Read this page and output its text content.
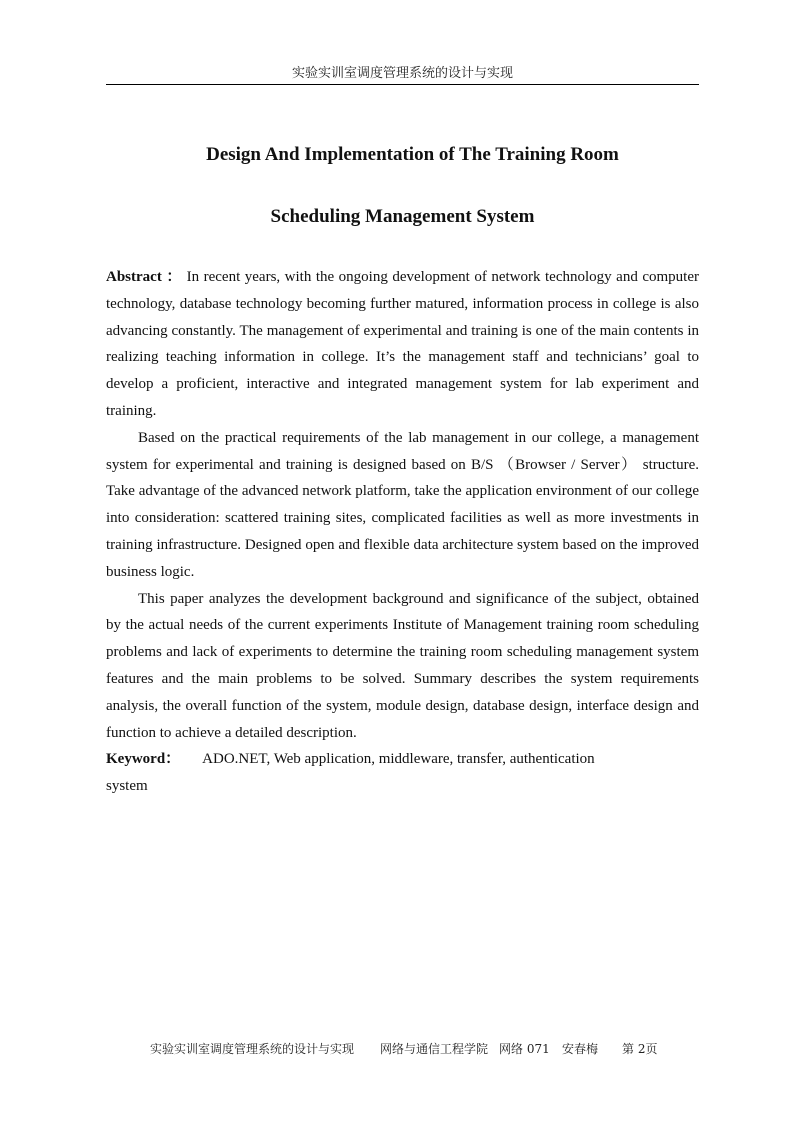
实验实训室调度管理系统的设计与实现
Design And Implementation of The Training Room
Scheduling Management System

Abstract ： In recent years, with the ongoing development of network technology and computer technology, database technology becoming further matured, information process in college is also advancing constantly. The management of experimental and training is one of the main contents in realizing teaching information in college. It’s the management staff and technicians’ goal to develop a proficient, interactive and integrated management system for lab experiment and training.

Based on the practical requirements of the lab management in our college, a management system for experimental and training is designed based on B/S （Browser / Server） structure. Take advantage of the advanced network platform, take the application environment of our college into consideration: scattered training sites, complicated facilities as well as more investments in training infrastructure. Designed open and flexible data architecture system based on the improved business logic.

This paper analyzes the development background and significance of the subject, obtained by the actual needs of the current experiments Institute of Management training room scheduling problems and lack of experiments to determine the training room scheduling management system features and the main problems to be solved. Summary describes the system requirements analysis, the overall function of the system, module design, database design, interface design and function to achieve a detailed description.

Keyword： ADO.NET, Web application, middleware, transfer, authentication

system

实验实训室调度管理系统的设计与实现 网络与通信工程学院 网络 071 安春梅 第 2页
